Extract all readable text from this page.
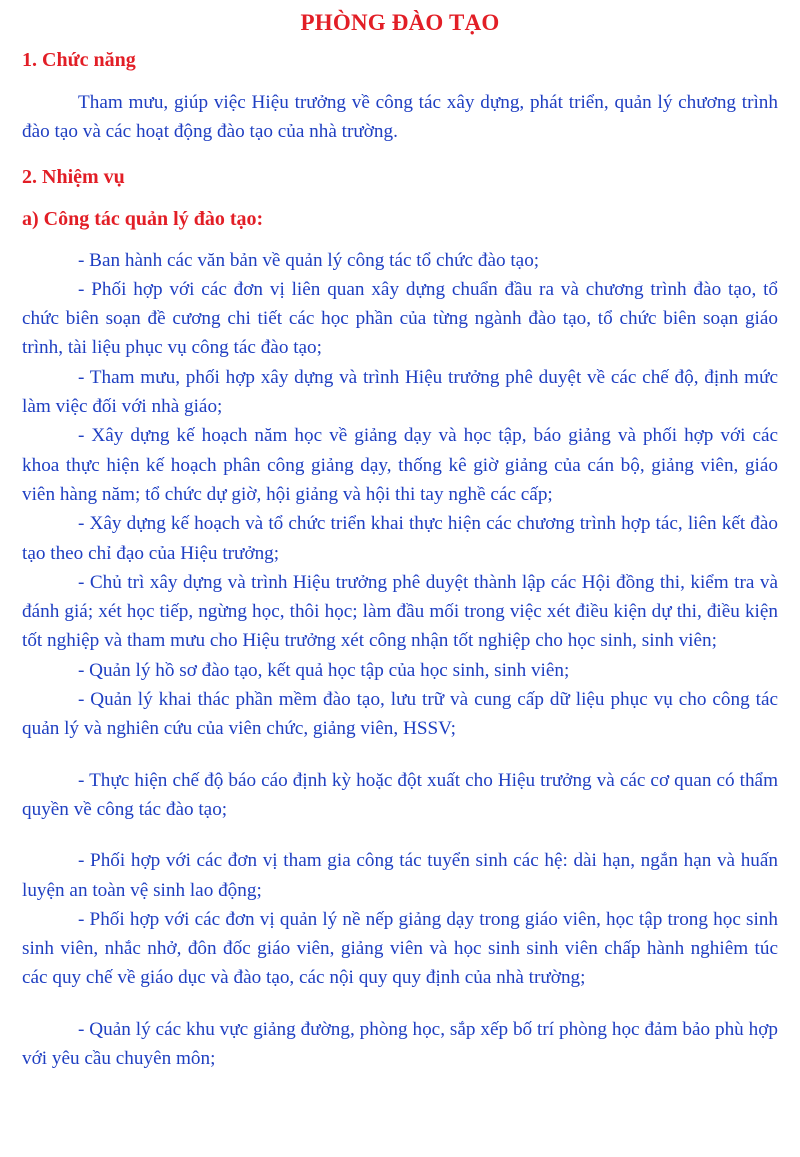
PHÒNG ĐÀO TẠO
1. Chức năng

Tham mưu, giúp việc Hiệu trưởng về công tác xây dựng, phát triển, quản lý chương trình đào tạo và các hoạt động đào tạo của nhà trường.

2. Nhiệm vụ
a) Công tác quản lý đào tạo:

- Ban hành các văn bản về quản lý công tác tổ chức đào tạo;

- Phối hợp với các đơn vị liên quan xây dựng chuẩn đầu ra và chương trình đào tạo, tổ chức biên soạn đề cương chi tiết các học phần của từng ngành đào tạo, tổ chức biên soạn giáo trình, tài liệu phục vụ công tác đào tạo;

- Tham mưu, phối hợp xây dựng và trình Hiệu trưởng phê duyệt về các chế độ, định mức làm việc đối với nhà giáo;

- Xây dựng kế hoạch năm học về giảng dạy và học tập, báo giảng và phối hợp với các khoa thực hiện kế hoạch phân công giảng dạy, thống kê giờ giảng của cán bộ, giảng viên, giáo viên hàng năm; tổ chức dự giờ, hội giảng và hội thi tay nghề các cấp;

- Xây dựng kế hoạch và tổ chức triển khai thực hiện các chương trình hợp tác, liên kết đào tạo theo chỉ đạo của Hiệu trưởng;

- Chủ trì xây dựng và trình Hiệu trưởng phê duyệt thành lập các Hội đồng thi, kiểm tra và đánh giá; xét học tiếp, ngừng học, thôi học; làm đầu mối trong việc xét điều kiện dự thi, điều kiện tốt nghiệp và tham mưu cho Hiệu trưởng xét công nhận tốt nghiệp cho học sinh, sinh viên;

- Quản lý hồ sơ đào tạo, kết quả học tập của học sinh, sinh viên;

- Quản lý khai thác phần mềm đào tạo, lưu trữ và cung cấp dữ liệu phục vụ cho công tác quản lý và nghiên cứu của viên chức, giảng viên, HSSV;

- Thực hiện chế độ báo cáo định kỳ hoặc đột xuất cho Hiệu trưởng và các cơ quan có thẩm quyền về công tác đào tạo;

- Phối hợp với các đơn vị tham gia công tác tuyển sinh các hệ: dài hạn, ngắn hạn và huấn luyện an toàn vệ sinh lao động;

- Phối hợp với các đơn vị quản lý nề nếp giảng dạy trong giáo viên, học tập trong học sinh sinh viên, nhắc nhở, đôn đốc giáo viên, giảng viên và học sinh sinh viên chấp hành nghiêm túc các quy chế về giáo dục và đào tạo, các nội quy quy định của nhà trường;

- Quản lý các khu vực giảng đường, phòng học, sắp xếp bố trí phòng học đảm bảo phù hợp với yêu cầu chuyên môn;
